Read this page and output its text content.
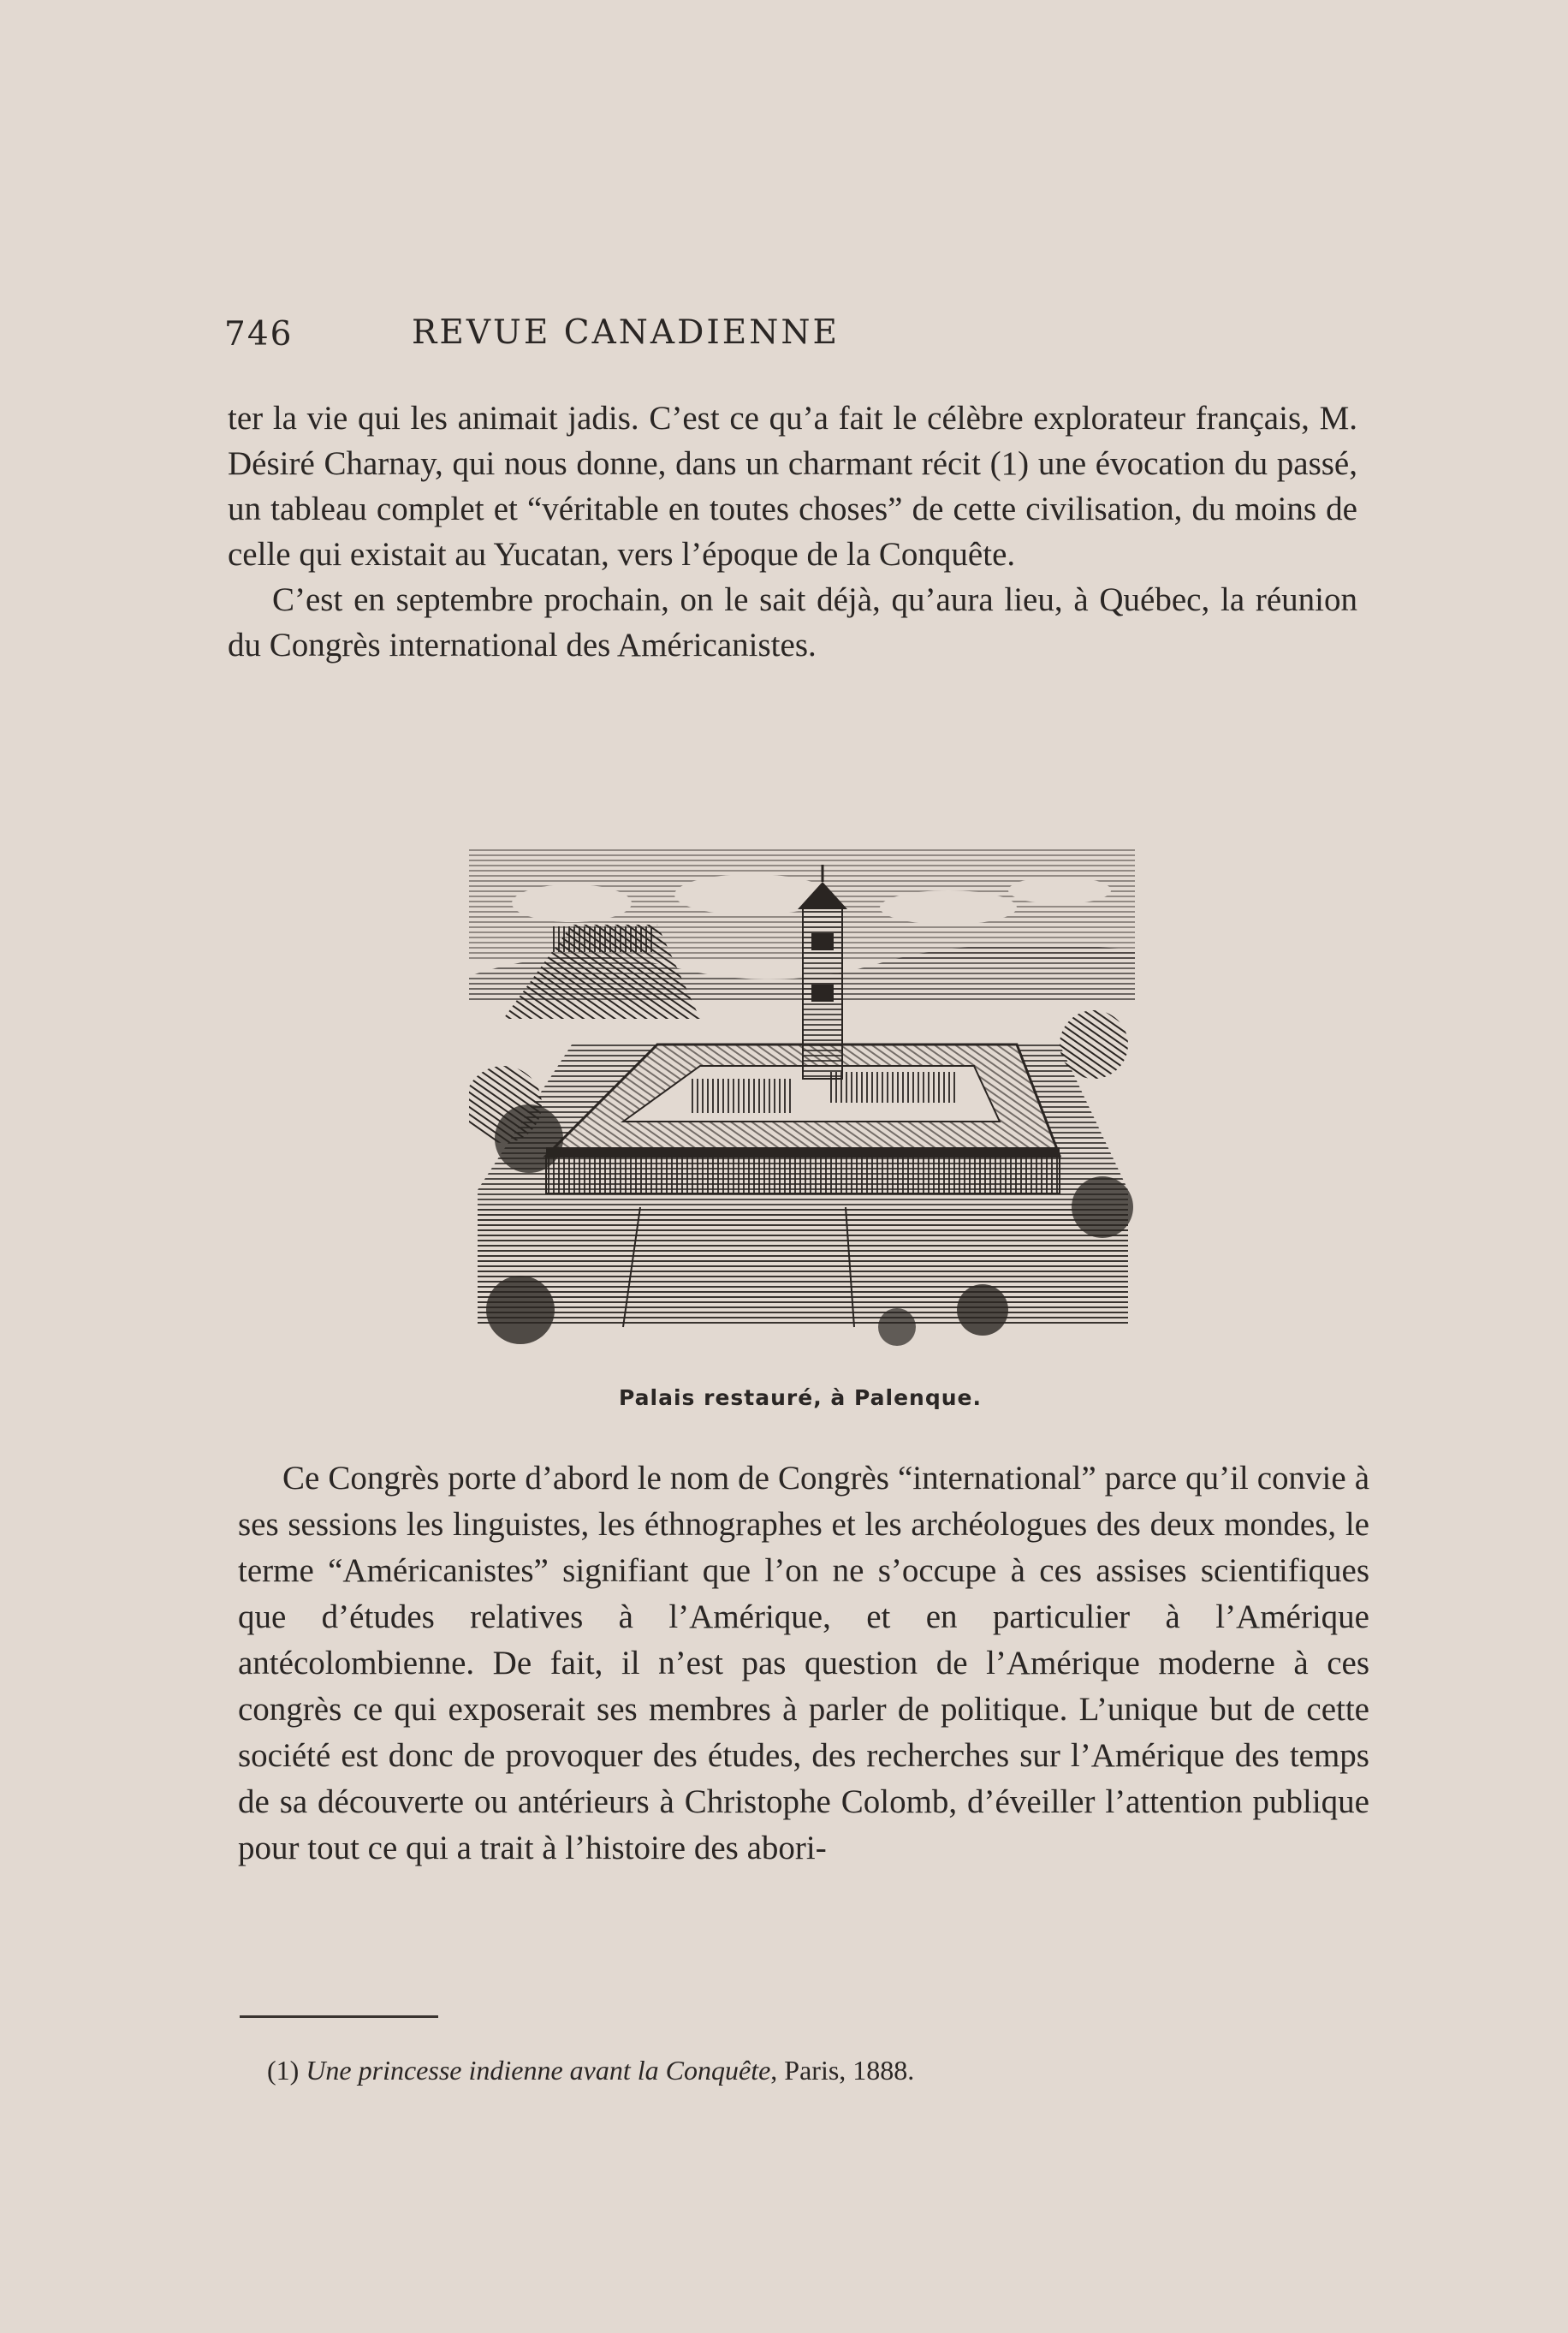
746	REVUE CANADIENNE

ter la vie qui les animait jadis. C’est ce qu’a fait le célèbre explorateur français, M. Désiré Charnay, qui nous donne, dans un charmant récit (1) une évocation du passé, un tableau complet et “véritable en toutes choses” de cette civilisation, du moins de celle qui existait au Yucatan, vers l’époque de la Conquête.

C’est en septembre prochain, on le sait déjà, qu’aura lieu, à Québec, la réunion du Congrès international des Américanistes.

Palais restauré, à Palenque.

Ce Congrès porte d’abord le nom de Congrès “international” parce qu’il convie à ses sessions les linguistes, les éthnographes et les archéologues des deux mondes, le terme “Américanistes” signifiant que l’on ne s’occupe à ces assises scientifiques que d’études relatives à l’Amérique, et en particulier à l’Amérique antécolombienne. De fait, il n’est pas question de l’Amérique moderne à ces congrès ce qui exposerait ses membres à parler de politique. L’unique but de cette société est donc de provoquer des études, des recherches sur l’Amérique des temps de sa découverte ou antérieurs à Christophe Colomb, d’éveiller l’attention publique pour tout ce qui a trait à l’histoire des abori-

(1) Une princesse indienne avant la Conquête, Paris, 1888.
